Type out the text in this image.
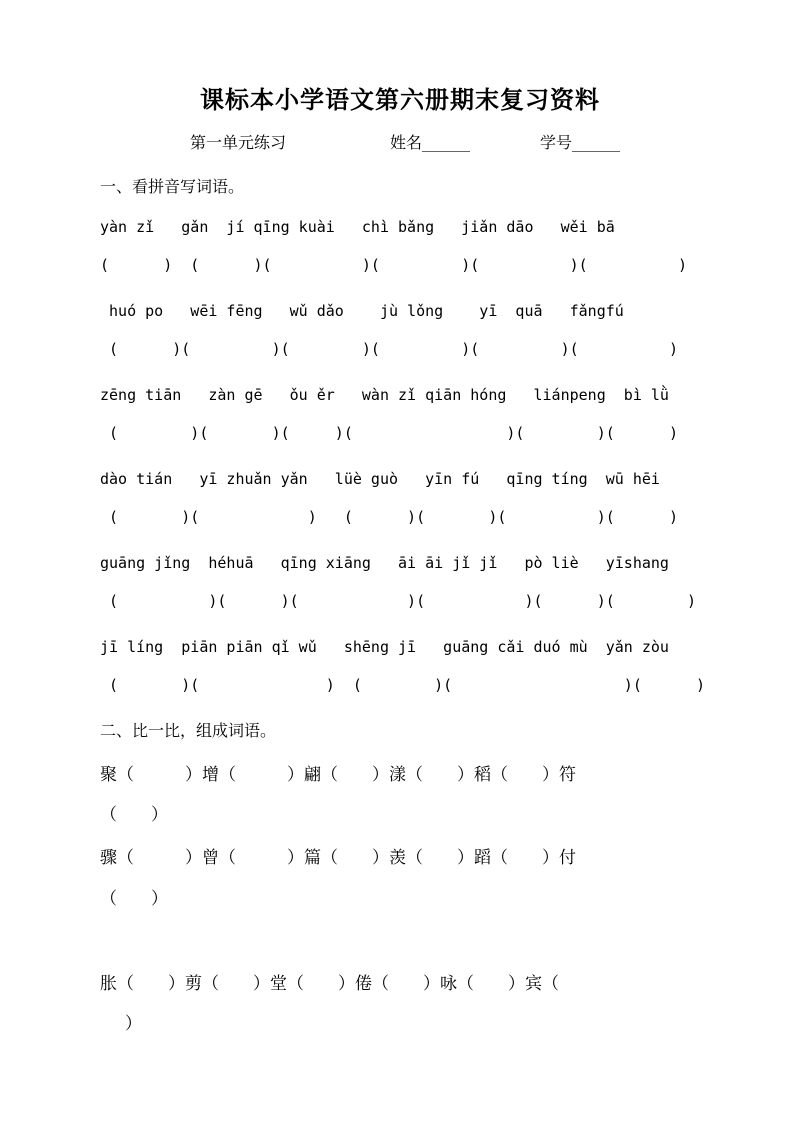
课标本小学语文第六册期末复习资料
第一单元练习	姓名______	学号______
一、看拼音写词语。
yàn zǐ   gǎn  jí qīng kuài   chì bǎng   jiǎn dāo   wěi bā
(      )  (      )(          )(         )(          )(          )
huó po   wēi fēng   wǔ dǎo    jù lǒng    yī  quā   fǎngfú
(      )(         )(        )(         )(         )(          )
zēng tiān   zàn gē   ǒu ěr   wàn zǐ qiān hóng   liánpeng  bì lǜ
(        )(       )(     )(                 )(        )(      )
dào tián   yī zhuǎn yǎn   lüè guò   yīn fú   qīng tíng  wū hēi
(       )(            )   (      )(       )(          )(      )
guāng jǐng  héhuā   qīng xiāng   āi āi jǐ jǐ   pò liè   yīshang
(          )(      )(            )(           )(      )(        )
jī líng  piān piān qǐ wǔ   shēng jī   guāng cǎi duó mù  yǎn zòu
(       )(              )  (        )(                   )(      )
二、比一比，组成词语。
聚（　　　）增（　　　）翩（　　）漾（　　）稻（　　）符
（　　）
骤（　　　）曾（　　　）篇（　　）羡（　　）蹈（　　）付
（　　）
胀（　　）剪（　　）堂（　　）倦（　　）咏（　　）宾（
　）
